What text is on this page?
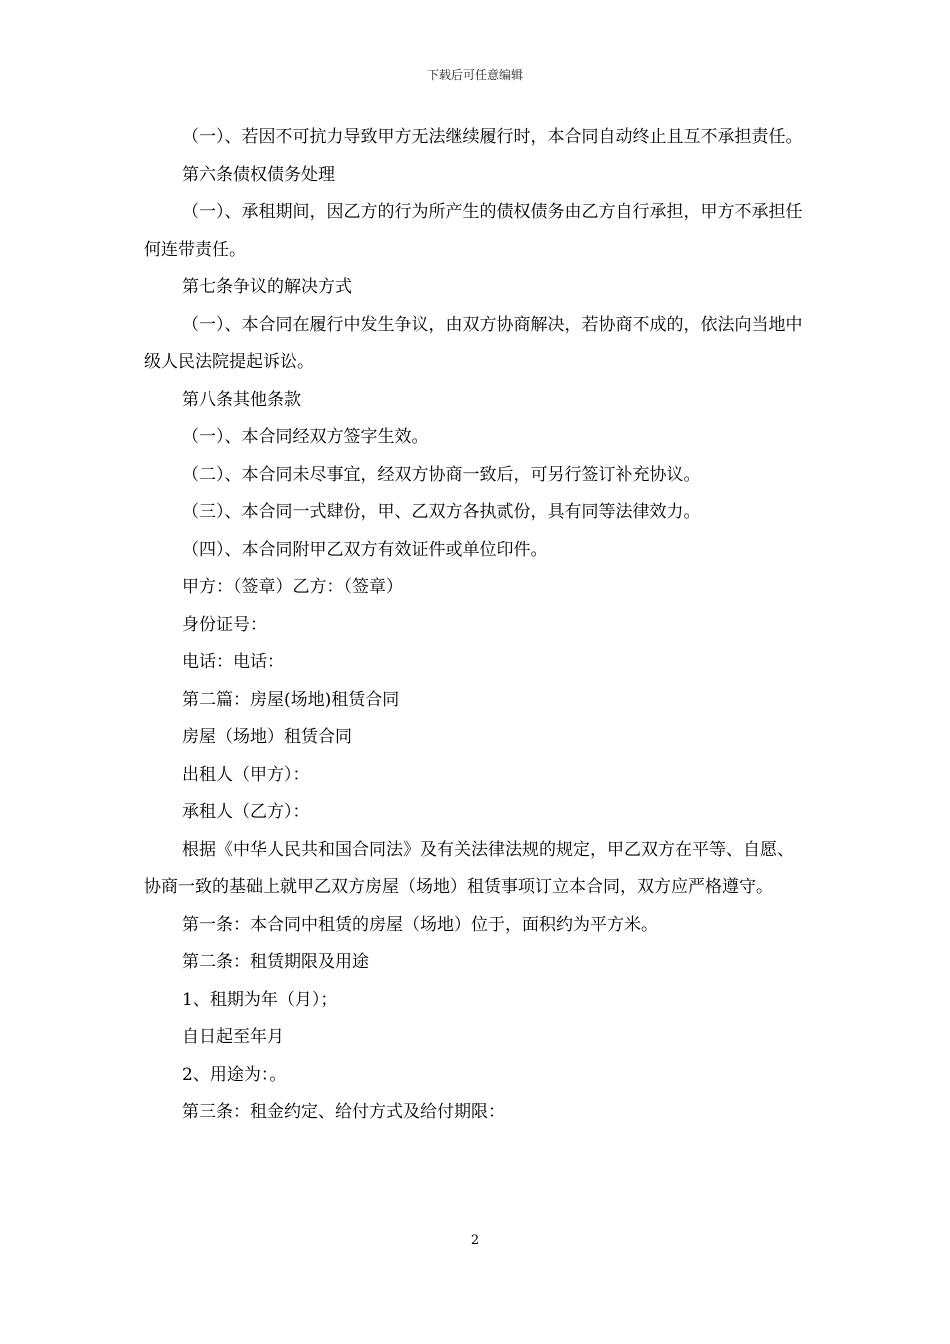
下载后可任意编辑

（一）、若因不可抗力导致甲方无法继续履行时，本合同自动终止且互不承担责任。

第六条债权债务处理

（一）、承租期间，因乙方的行为所产生的债权债务由乙方自行承担，甲方不承担任何连带责任。

第七条争议的解决方式

（一）、本合同在履行中发生争议，由双方协商解决，若协商不成的，依法向当地中级人民法院提起诉讼。

第八条其他条款

（一）、本合同经双方签字生效。

（二）、本合同未尽事宜，经双方协商一致后，可另行签订补充协议。

（三）、本合同一式肆份，甲、乙双方各执贰份，具有同等法律效力。

（四）、本合同附甲乙双方有效证件或单位印件。

甲方：（签章）乙方：（签章）

身份证号：

电话：电话：

第二篇：房屋(场地)租赁合同

房屋（场地）租赁合同

出租人（甲方）：

承租人（乙方）：

根据《中华人民共和国合同法》及有关法律法规的规定，甲乙双方在平等、自愿、协商一致的基础上就甲乙双方房屋（场地）租赁事项订立本合同，双方应严格遵守。

第一条：本合同中租赁的房屋（场地）位于，面积约为平方米。

第二条：租赁期限及用途

1、租期为年（月）；

自日起至年月

2、用途为：。

第三条：租金约定、给付方式及给付期限：

2
